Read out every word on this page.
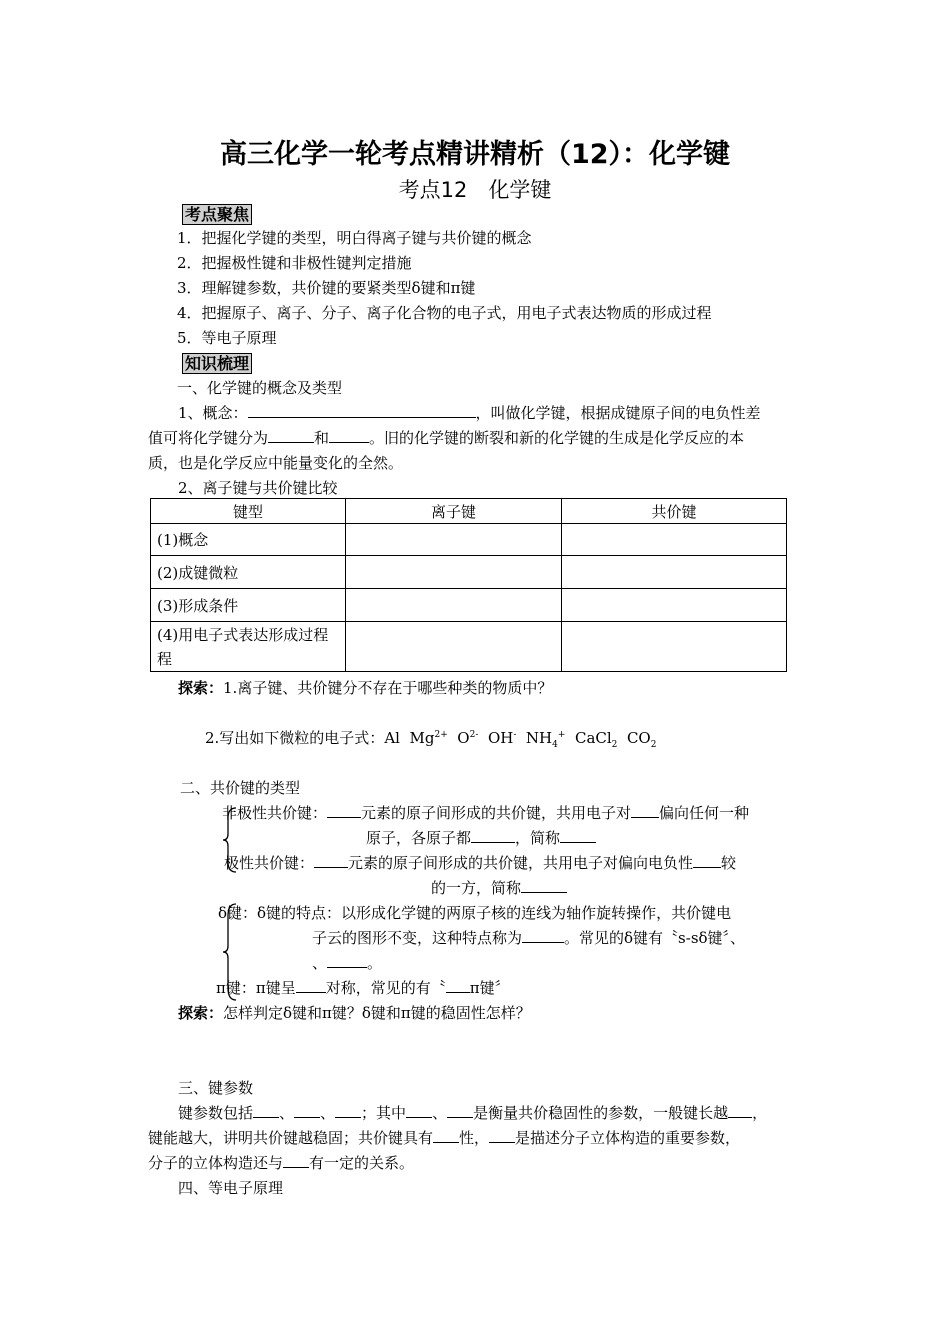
高三化学一轮考点精讲精析（12）：化学键
考点12　化学键
考点聚焦
1．把握化学键的类型，明白得离子键与共价键的概念
2．把握极性键和非极性键判定措施
3．理解键参数，共价键的要紧类型δ键和π键
4．把握原子、离子、分子、离子化合物的电子式，用电子式表达物质的形成过程
5．等电子原理
知识梳理
一、化学键的概念及类型
1、概念：	，叫做化学键，根据成键原子间的电负性差
值可将化学键分为	和	。旧的化学键的断裂和新的化学键的生成是化学反应的本
质，也是化学反应中能量变化的全然。
2、离子键与共价键比较
键型	离子键	共价键
(1)概念		
(2)成键微粒		
(3)形成条件		
(4)用电子式表达形成过程
程		
探索：1.离子键、共价键分不存在于哪些种类的物质中？
2.写出如下微粒的电子式：Al $Mg^{2+}$ $O^{2-}$ OH- $NH_4^+$ CaCl$_2$ $CO_2$
二、共价键的类型
非极性共价键： 元素的原子间形成的共价键，共用电子对 偏向任何一种
原子，各原子都	，简称
极性共价键： 元素的原子间形成的共价键，共用电子对偏向电负性 较
的一方，简称
δ键：δ键的特点：以形成化学键的两原子核的连线为轴作旋转操作，共价键电
子云的图形不变，这种特点称为	。常见的δ键有〝s-sδ键〞、
、	。
π键：π键呈 对称，常见的有〝 π键〞
探索：怎样判定δ键和π键？δ键和π键的稳固性怎样？
三、键参数
键参数包括 、 、 ；其中 、 是衡量共价稳固性的参数，一般键长越 ，
键能越大，讲明共价键越稳固；共价键具有 性， 是描述分子立体构造的重要参数，
分子的立体构造还与 有一定的关系。
四、等电子原理
